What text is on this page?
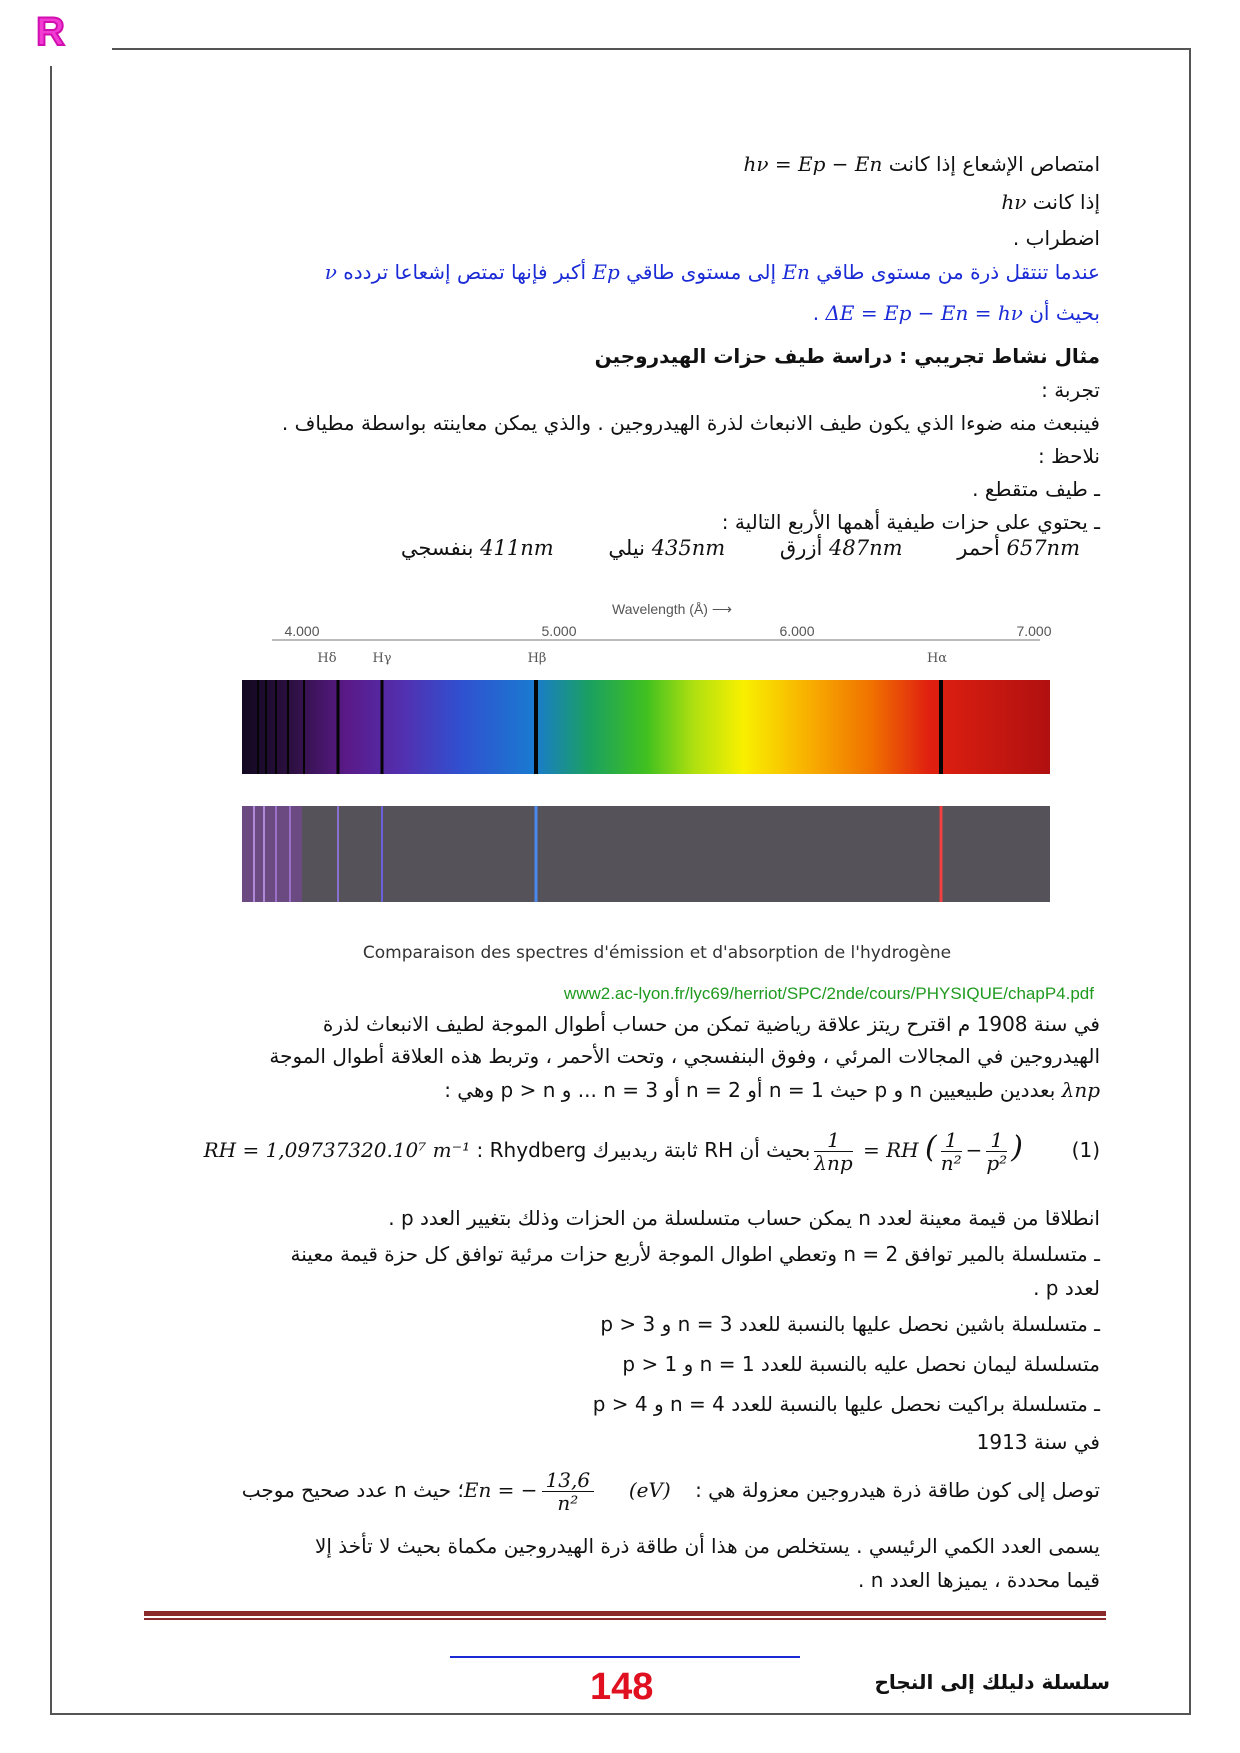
R
امتصاص الإشعاع إذا كانت hν = Ep − En
إذا كانت hν
اضطراب .
عندما تنتقل ذرة من مستوى طاقي En إلى مستوى طاقي Ep أكبر فإنها تمتص إشعاعا تردده ν
بحيث أن ΔE = Ep − En = hν .
مثال نشاط تجريبي : دراسة طيف حزات الهيدروجين
تجربة :
فينبعث منه ضوءا الذي يكون طيف الانبعاث لذرة الهيدروجين . والذي يمكن معاينته بواسطة مطياف .
نلاحظ :
ـ طيف متقطع .
ـ يحتوي على حزات طيفية أهمها الأربع التالية :
657nm أحمر 487nm أزرق 435nm نيلي 411nm بنفسجي
Wavelength (Å) ⟶
4.000	5.000	6.000	7.000
Hδ	Hγ	Hβ	Hα
Comparaison des spectres d'émission et d'absorption de l'hydrogène
www2.ac-lyon.fr/lyc69/herriot/SPC/2nde/cours/PHYSIQUE/chapP4.pdf
في سنة 1908 م اقترح ريتز علاقة رياضية تمكن من حساب أطوال الموجة لطيف الانبعاث لذرة
الهيدروجين في المجالات المرئي ، وفوق البنفسجي ، وتحت الأحمر ، وتربط هذه العلاقة أطوال الموجة
λnp بعددين طبيعيين n و p حيث n = 1 أو n = 2 أو n = 3 ... و p > n وهي :
(1)
$\frac{1}{\text{λnp}}$ = RH ( $\frac{1}{\text{n²}} - \frac{1}{\text{p²}}$ ) بحيث أن RH ثابتة ريدبيرك Rhydberg : RH = 1,09737320.10⁷ m⁻¹
انطلاقا من قيمة معينة لعدد n يمكن حساب متسلسلة من الحزات وذلك بتغيير العدد p .
ـ متسلسلة بالمير توافق n = 2 وتعطي اطوال الموجة لأربع حزات مرئية توافق كل حزة قيمة معينة
لعدد p .
ـ متسلسلة باشين نحصل عليها بالنسبة للعدد n = 3 و p > 3
متسلسلة ليمان نحصل عليه بالنسبة للعدد n = 1 و p > 1
ـ متسلسلة براكيت نحصل عليها بالنسبة للعدد n = 4 و p > 4
في سنة 1913
توصل إلى كون طاقة ذرة هيدروجين معزولة هي : (eV) En = − $\frac{13,6}{\text{n²}}$
؛ حيث n عدد صحيح موجب
يسمى العدد الكمي الرئيسي . يستخلص من هذا أن طاقة ذرة الهيدروجين مكماة بحيث لا تأخذ إلا
قيما محددة ، يميزها العدد n .
148	سلسلة دليلك إلى النجاح
